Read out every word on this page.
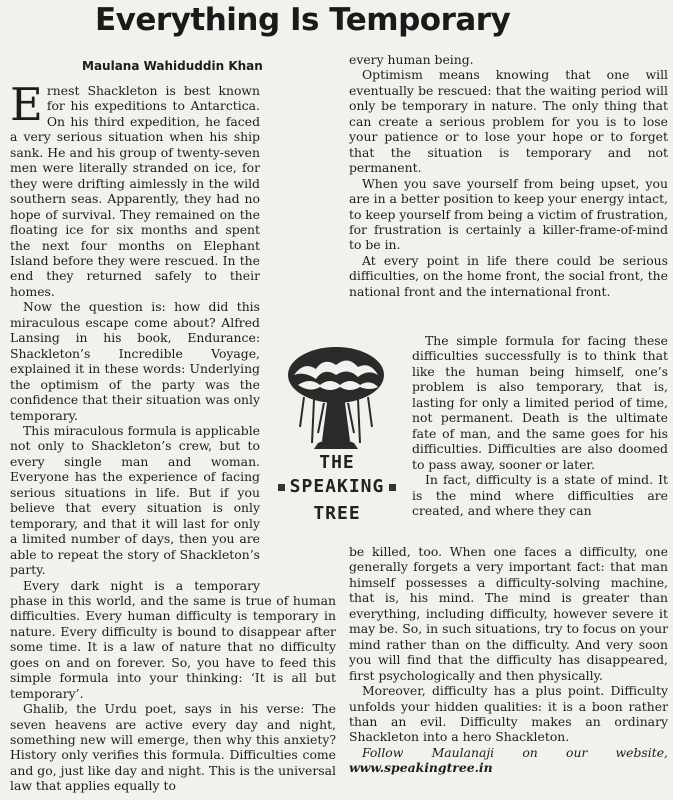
Everything Is Temporary
Maulana Wahiduddin Khan

Ernest Shackleton is best known for his expeditions to Antarctica. On his third expedition, he faced a very serious situation when his ship sank. He and his group of twenty-seven men were literally stranded on ice, for they were drifting aimlessly in the wild southern seas. Apparently, they had no hope of survival. They remained on the floating ice for six months and spent the next four months on Elephant Island before they were rescued. In the end they returned safely to their homes.

Now the question is: how did this miraculous escape come about? Alfred Lansing in his book, Endurance: Shackleton’s Incredible Voyage, explained it in these words: Underlying the optimism of the party was the confidence that their situation was only temporary.

This miraculous formula is applicable not only to Shackleton’s crew, but to every single man and woman. Everyone has the experience of facing serious situations in life. But if you believe that every situation is only temporary, and that it will last for only a limited number of days, then you are able to repeat the story of Shackleton’s party.

Every dark night is a temporary phase in this world, and the same is true of human difficulties. Every human difficulty is temporary in nature. Every difficulty is bound to disappear after some time. It is a law of nature that no difficulty goes on and on forever. So, you have to feed this simple formula into your thinking: ‘It is all but temporary’.

Ghalib, the Urdu poet, says in his verse: The seven heavens are active every day and night, something new will emerge, then why this anxiety? History only verifies this formula. Difficulties come and go, just like day and night. This is the universal law that applies equally to

every human being.

Optimism means knowing that one will eventually be rescued: that the waiting period will only be temporary in nature. The only thing that can create a serious problem for you is to lose your patience or to lose your hope or to forget that the situation is temporary and not permanent.

When you save yourself from being upset, you are in a better position to keep your energy intact, to keep yourself from being a victim of frustration, for frustration is certainly a killer-frame-of-mind to be in.

At every point in life there could be serious difficulties, on the home front, the social front, the national front and the international front.

The simple formula for facing these difficulties successfully is to think that like the human being himself, one’s problem is also temporary, that is, lasting for only a limited period of time, not permanent. Death is the ultimate fate of man, and the same goes for his difficulties. Difficulties are also doomed to pass away, sooner or later.

In fact, difficulty is a state of mind. It is the mind where difficulties are created, and where they can

be killed, too. When one faces a difficulty, one generally forgets a very important fact: that man himself possesses a difficulty-solving machine, that is, his mind. The mind is greater than everything, including difficulty, however severe it may be. So, in such situations, try to focus on your mind rather than on the difficulty. And very soon you will find that the difficulty has disappeared, first psychologically and then physically.

Moreover, difficulty has a plus point. Difficulty unfolds your hidden qualities: it is a boon rather than an evil. Difficulty makes an ordinary Shackleton into a hero Shackleton.

Follow Maulanaji on our website, www.speakingtree.in

THE
SPEAKING
TREE
